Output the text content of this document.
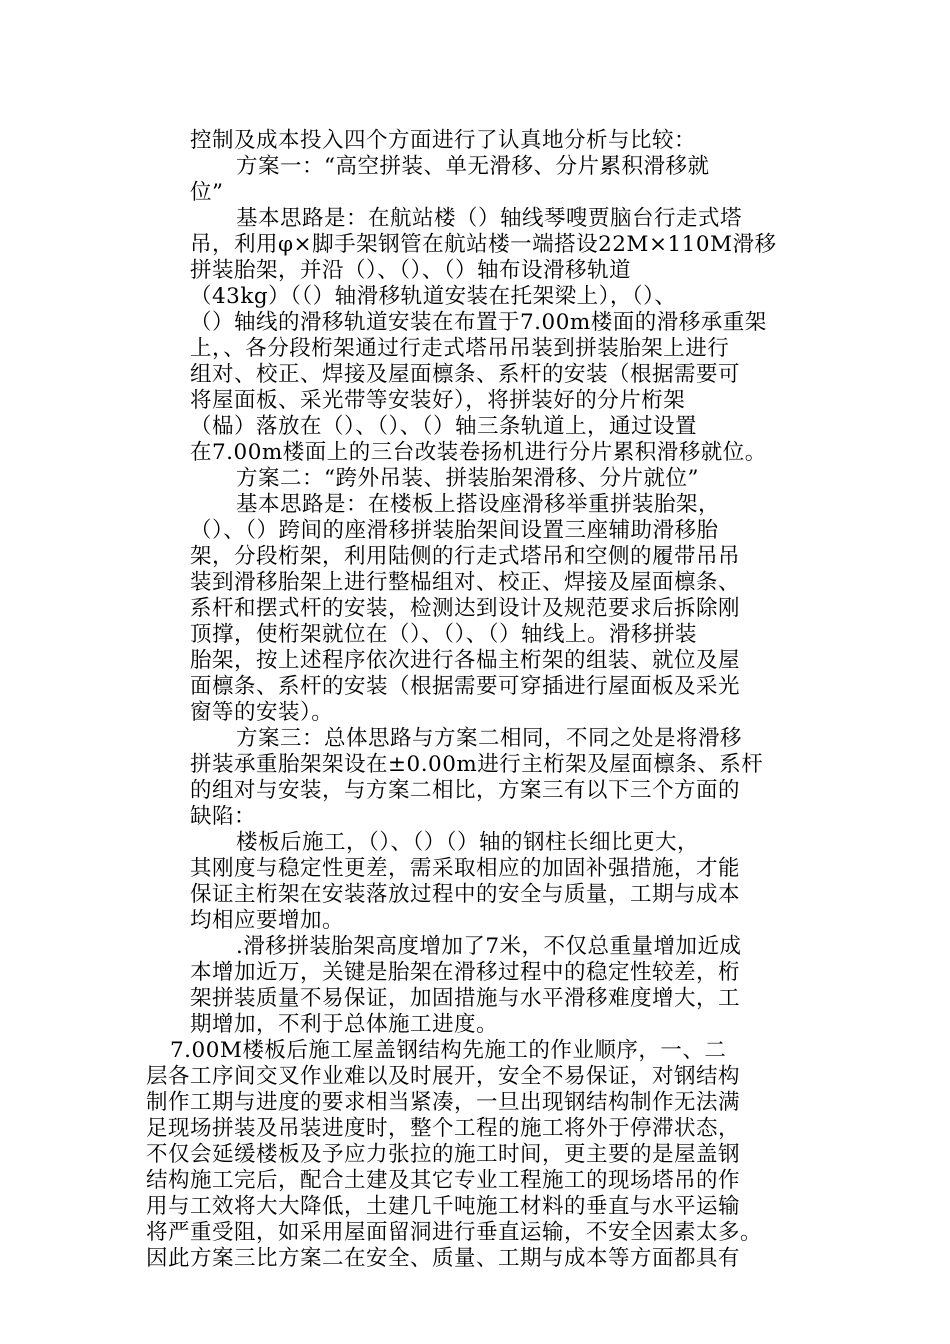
控制及成本投入四个方面进行了认真地分析与比较：
方案一：“高空拼装、单无滑移、分片累积滑移就
位”
基本思路是：在航站楼（）轴线琴嗖贾脑台行走式塔
吊，利用φ×脚手架钢管在航站楼一端搭设22M×110M滑移
拼装胎架，并沿（）、（）、（）轴布设滑移轨道
（43kg）（（）轴滑移轨道安装在托架梁上），（）、
（）轴线的滑移轨道安装在布置于7.00m楼面的滑移承重架
上，、各分段桁架通过行走式塔吊吊装到拼装胎架上进行
组对、校正、焊接及屋面檩条、系杆的安装（根据需要可
将屋面板、采光带等安装好），将拼装好的分片桁架
（榀）落放在（）、（）、（）轴三条轨道上，通过设置
在7.00m楼面上的三台改装卷扬机进行分片累积滑移就位。
方案二：“跨外吊装、拼装胎架滑移、分片就位”
基本思路是：在楼板上搭设座滑移举重拼装胎架，
（）、（）跨间的座滑移拼装胎架间设置三座辅助滑移胎
架，分段桁架，利用陆侧的行走式塔吊和空侧的履带吊吊
装到滑移胎架上进行整榀组对、校正、焊接及屋面檩条、
系杆和摆式杆的安装，检测达到设计及规范要求后拆除刚
顶撑，使桁架就位在（）、（）、（）轴线上。滑移拼装
胎架，按上述程序依次进行各榀主桁架的组装、就位及屋
面檩条、系杆的安装（根据需要可穿插进行屋面板及采光
窗等的安装）。
方案三：总体思路与方案二相同，不同之处是将滑移
拼装承重胎架架设在±0.00m进行主桁架及屋面檩条、系杆
的组对与安装，与方案二相比，方案三有以下三个方面的
缺陷：
楼板后施工，（）、（）（）轴的钢柱长细比更大，
其刚度与稳定性更差，需采取相应的加固补强措施，才能
保证主桁架在安装落放过程中的安全与质量，工期与成本
均相应要增加。
.滑移拼装胎架高度增加了7米，不仅总重量增加近成
本增加近万，关键是胎架在滑移过程中的稳定性较差，桁
架拼装质量不易保证，加固措施与水平滑移难度增大，工
期增加，不利于总体施工进度。
7.00M楼板后施工屋盖钢结构先施工的作业顺序，一、二
层各工序间交叉作业难以及时展开，安全不易保证，对钢结构
制作工期与进度的要求相当紧凑，一旦出现钢结构制作无法满
足现场拼装及吊装进度时，整个工程的施工将外于停滞状态，
不仅会延缓楼板及予应力张拉的施工时间，更主要的是屋盖钢
结构施工完后，配合土建及其它专业工程施工的现场塔吊的作
用与工效将大大降低，土建几千吨施工材料的垂直与水平运输
将严重受阻，如采用屋面留洞进行垂直运输，不安全因素太多。
因此方案三比方案二在安全、质量、工期与成本等方面都具有
